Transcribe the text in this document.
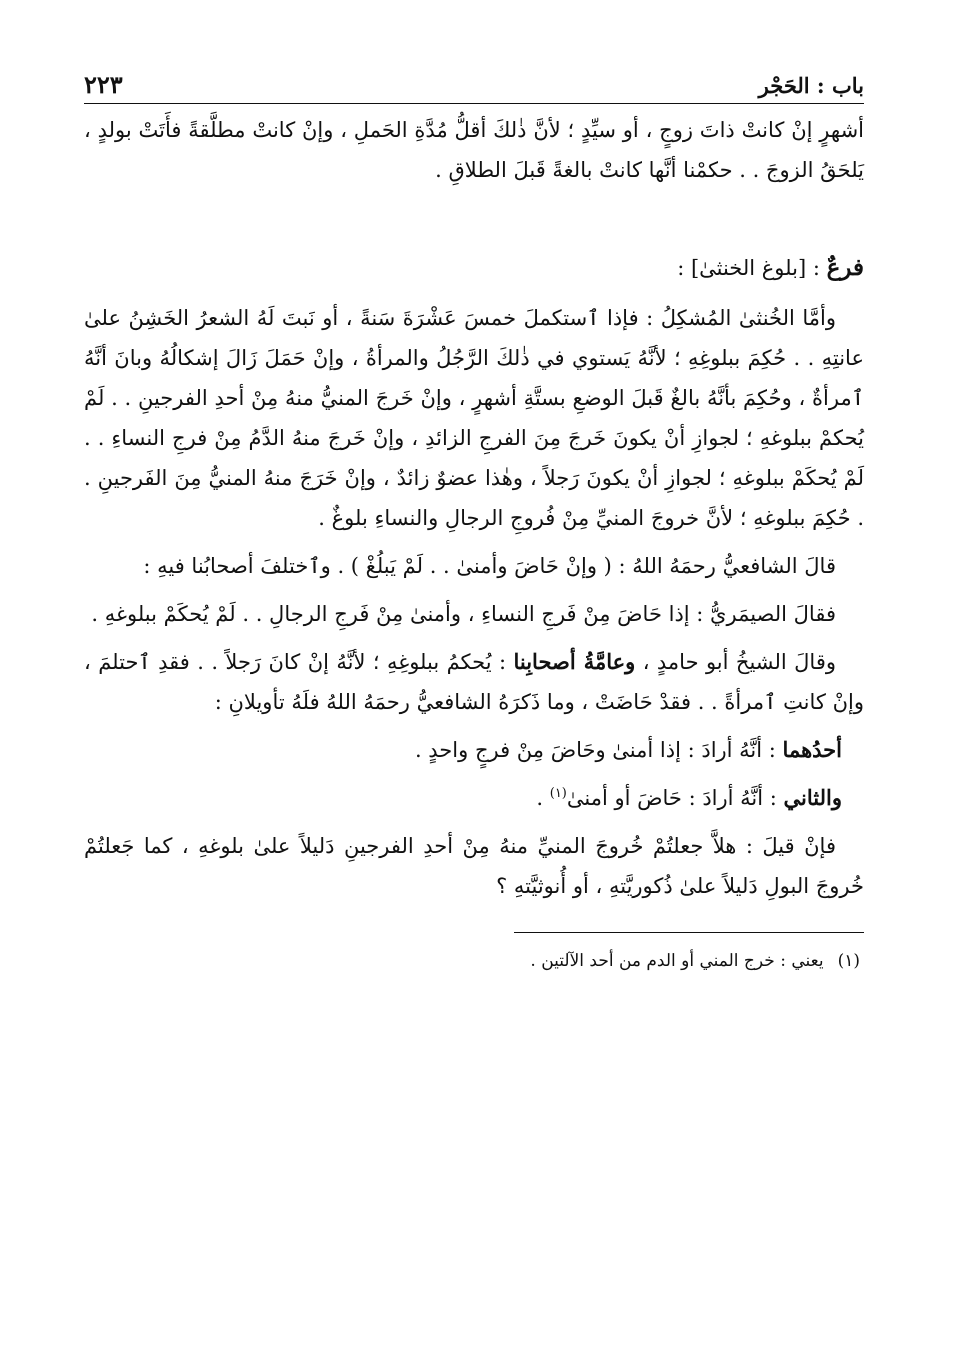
باب : الحَجْر
٢٢٣

أشهرٍ إنْ كانتْ ذاتَ زوجٍ ، أو سيِّدٍ ؛ لأنَّ ذٰلكَ أقلُّ مُدَّةِ الحَملِ ، وإنْ كانتْ مطلَّقةً فأَتَتْ بولدٍ ، يَلحَقُ الزوجَ . . حكمْنا أنَّها كانتْ بالغةً قَبلَ الطلاقِ .

فرعٌ : [بلوغ الخنثىٰ] :

وأمَّا الخُنثىٰ المُشكِلُ : فإذا ٱستكملَ خمسَ عَشْرَةَ سَنةً ، أو نَبتَ لَهُ الشعرُ الخَشِنُ علىٰ عانتِهِ . . حُكِمَ ببلوغِهِ ؛ لأنَّهُ يَستوي في ذٰلكَ الرَّجُلُ والمرأةُ ، وإنْ حَمَلَ زَالَ إشكالُهُ وبانَ أنَّهُ ٱمرأةٌ ، وحُكِمَ بأنَّهُ بالغٌ قَبلَ الوضعِ بستَّةِ أشهرٍ ، وإنْ خَرجَ المنيُّ منهُ مِنْ أحدِ الفرجينِ . . لَمْ يُحكمْ ببلوغهِ ؛ لجوازِ أنْ يكونَ خَرجَ مِنَ الفرجِ الزائدِ ، وإنْ خَرجَ منهُ الدَّمُ مِنْ فرجِ النساءِ . . لَمْ يُحكَمْ ببلوغهِ ؛ لجوازِ أنْ يكونَ رَجلاً ، وهٰذا عضوٌ زائدٌ ، وإنْ خَرَجَ منهُ المنيُّ مِنَ الفَرجينِ . . حُكِمَ ببلوغهِ ؛ لأنَّ خروجَ المنيِّ مِنْ فُروجِ الرجالِ والنساءِ بلوغٌ .

قالَ الشافعيُّ رحمَهُ اللهُ : ( وإنْ حَاضَ وأمنىٰ . . لَمْ يَبلُغْ ) . وٱختلفَ أصحابُنا فيهِ :

فقالَ الصيمَريُّ : إذا حَاضَ مِنْ فَرجِ النساءِ ، وأمنىٰ مِنْ فَرجِ الرجالِ . . لَمْ يُحكَمْ ببلوغهِ .

وقالَ الشيخُ أبو حامدٍ ، وعامَّةُ أصحابِنا : يُحكمُ ببلوغِهِ ؛ لأنَّهُ إنْ كانَ رَجلاً . . فقدِ ٱحتلمَ ، وإنْ كانتِ ٱمرأةً . . فقدْ حَاضَتْ ، وما ذَكرَهُ الشافعيُّ رحمَهُ اللهُ فلَهُ تأويلانِ :

أحدُهما : أنَّهُ أرادَ : إذا أمنىٰ وحَاضَ مِنْ فرجٍ واحدٍ .

والثاني : أنَّهُ أرادَ : حَاضَ أو أمنىٰ$^{(١)}$ .

فإنْ قيلَ : هلاَّ جعلتُمْ خُروجَ المنيِّ منهُ مِنْ أحدِ الفرجينِ دَليلاً علىٰ بلوغهِ ، كما جَعلتُمْ خُروجَ البولِ دَليلاً علىٰ ذُكوريَّتهِ ، أو أُنوثيَّتهِ ؟

(١)يعني : خرج المني أو الدم من أحد الآلتين .
